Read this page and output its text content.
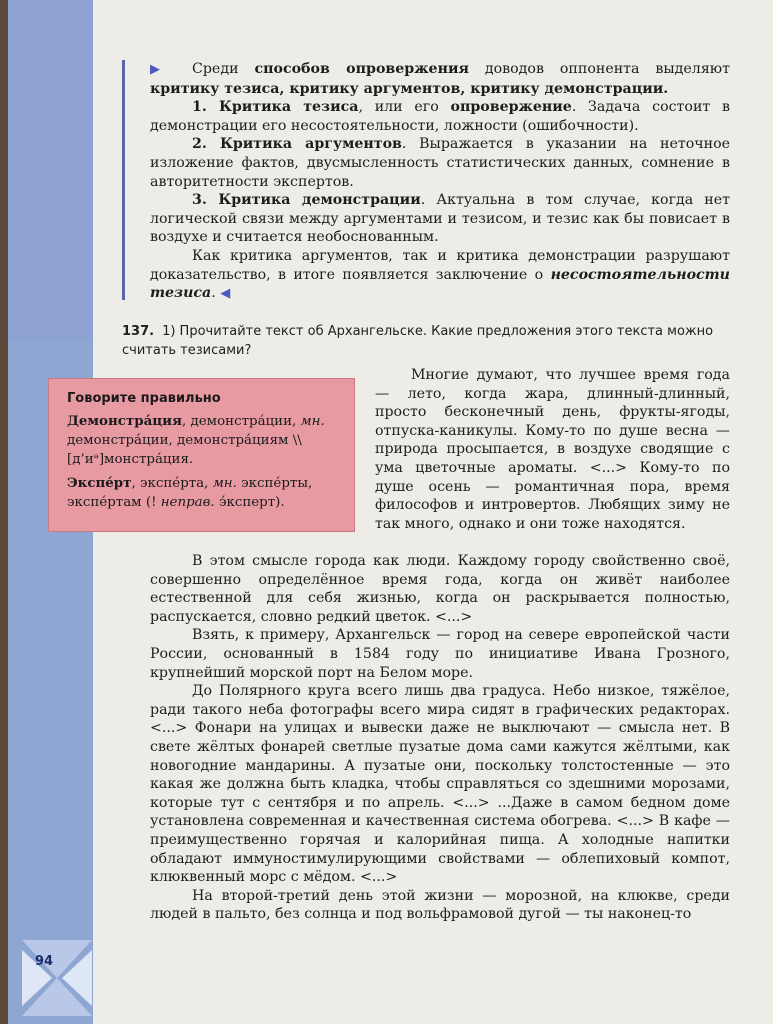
94

▶ Среди способов опровержения доводов оппонента выделяют критику тезиса, критику аргументов, критику демонстрации.

1. Критика тезиса, или его опровержение. Задача состоит в демонстрации его несостоятельности, ложности (ошибочности).

2. Критика аргументов. Выражается в указании на неточное изложение фактов, двусмысленность статистических данных, сомнение в авторитетности экспертов.

3. Критика демонстрации. Актуальна в том случае, когда нет логической связи между аргументами и тезисом, и тезис как бы повисает в воздухе и считается необоснованным.

Как критика аргументов, так и критика демонстрации разрушают доказательство, в итоге появляется заключение о несостоятельности тезиса. ◀

137. 1) Прочитайте текст об Архангельске. Какие предложения этого текста можно считать тезисами?
Говорите правильно

Демонстра́ция, демонстра́ции, мн. демонстра́ции, демонстра́циям \\ [д’иᵊ]монстра́ция.

Экспе́рт, экспе́рта, мн. экспе́рты, экспе́ртам (! неправ. э́ксперт).

Многие думают, что лучшее время года — лето, когда жара, длинный-длинный, просто бесконечный день, фрукты-ягоды, отпуска-каникулы. Кому-то по душе весна — природа просыпается, в воздухе сводящие с ума цветочные ароматы. <...> Кому-то по душе осень — романтичная пора, время философов и интровертов. Любящих зиму не так много, однако и они тоже находятся.

В этом смысле города как люди. Каждому городу свойственно своё, совершенно определённое время года, когда он живёт наиболее естественной для себя жизнью, когда он раскрывается полностью, распускается, словно редкий цветок. <...>

Взять, к примеру, Архангельск — город на севере европейской части России, основанный в 1584 году по инициативе Ивана Грозного, крупнейший морской порт на Белом море.

До Полярного круга всего лишь два градуса. Небо низкое, тяжёлое, ради такого неба фотографы всего мира сидят в графических редакторах. <...> Фонари на улицах и вывески даже не выключают — смысла нет. В свете жёлтых фонарей светлые пузатые дома сами кажутся жёлтыми, как новогодние мандарины. А пузатые они, поскольку толстостенные — это какая же должна быть кладка, чтобы справляться со здешними морозами, которые тут с сентября и по апрель. <...> ...Даже в самом бедном доме установлена современная и качественная система обогрева. <...> В кафе — преимущественно горячая и калорийная пища. А холодные напитки обладают иммуностимулирующими свойствами — облепиховый компот, клюквенный морс с мёдом. <...>

На второй-третий день этой жизни — морозной, на клюкве, среди людей в пальто, без солнца и под вольфрамовой дугой — ты наконец-то
